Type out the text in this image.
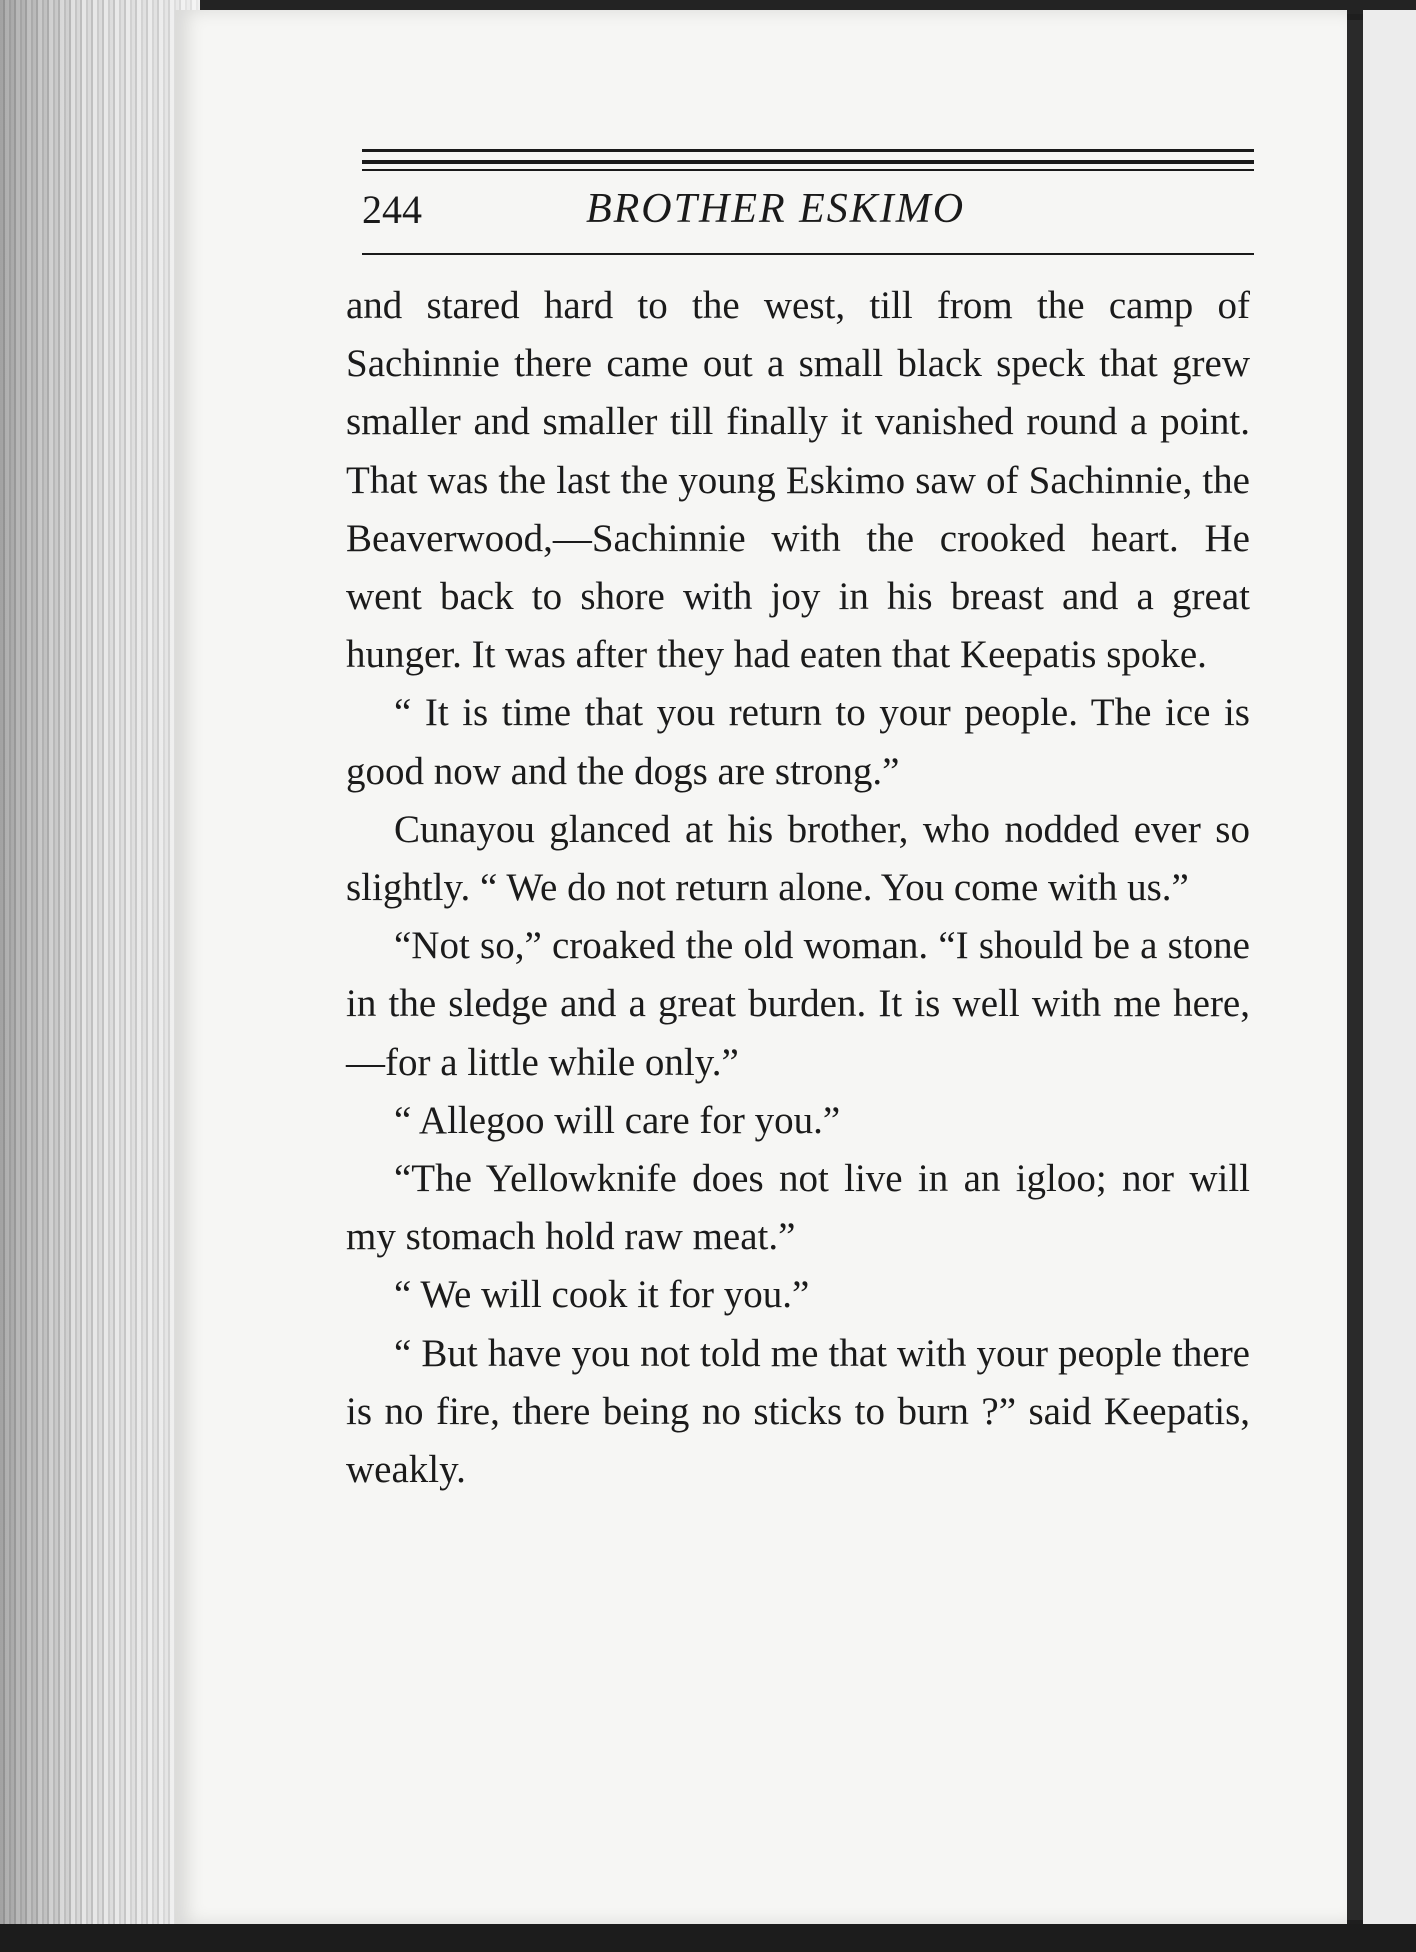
244	BROTHER ESKIMO

and stared hard to the west, till from the camp of Sachinnie there came out a small black speck that grew smaller and smaller till finally it vanished round a point. That was the last the young Eskimo saw of Sachinnie, the Beaverwood,—Sachinnie with the crooked heart. He went back to shore with joy in his breast and a great hunger. It was after they had eaten that Keepatis spoke.

“ It is time that you return to your people. The ice is good now and the dogs are strong.”

Cunayou glanced at his brother, who nodded ever so slightly. “ We do not return alone. You come with us.”

“Not so,” croaked the old woman. “I should be a stone in the sledge and a great burden. It is well with me here,—for a little while only.”

“ Allegoo will care for you.”

“The Yellowknife does not live in an igloo; nor will my stomach hold raw meat.”

“ We will cook it for you.”

“ But have you not told me that with your people there is no fire, there being no sticks to burn ?” said Keepatis, weakly.
